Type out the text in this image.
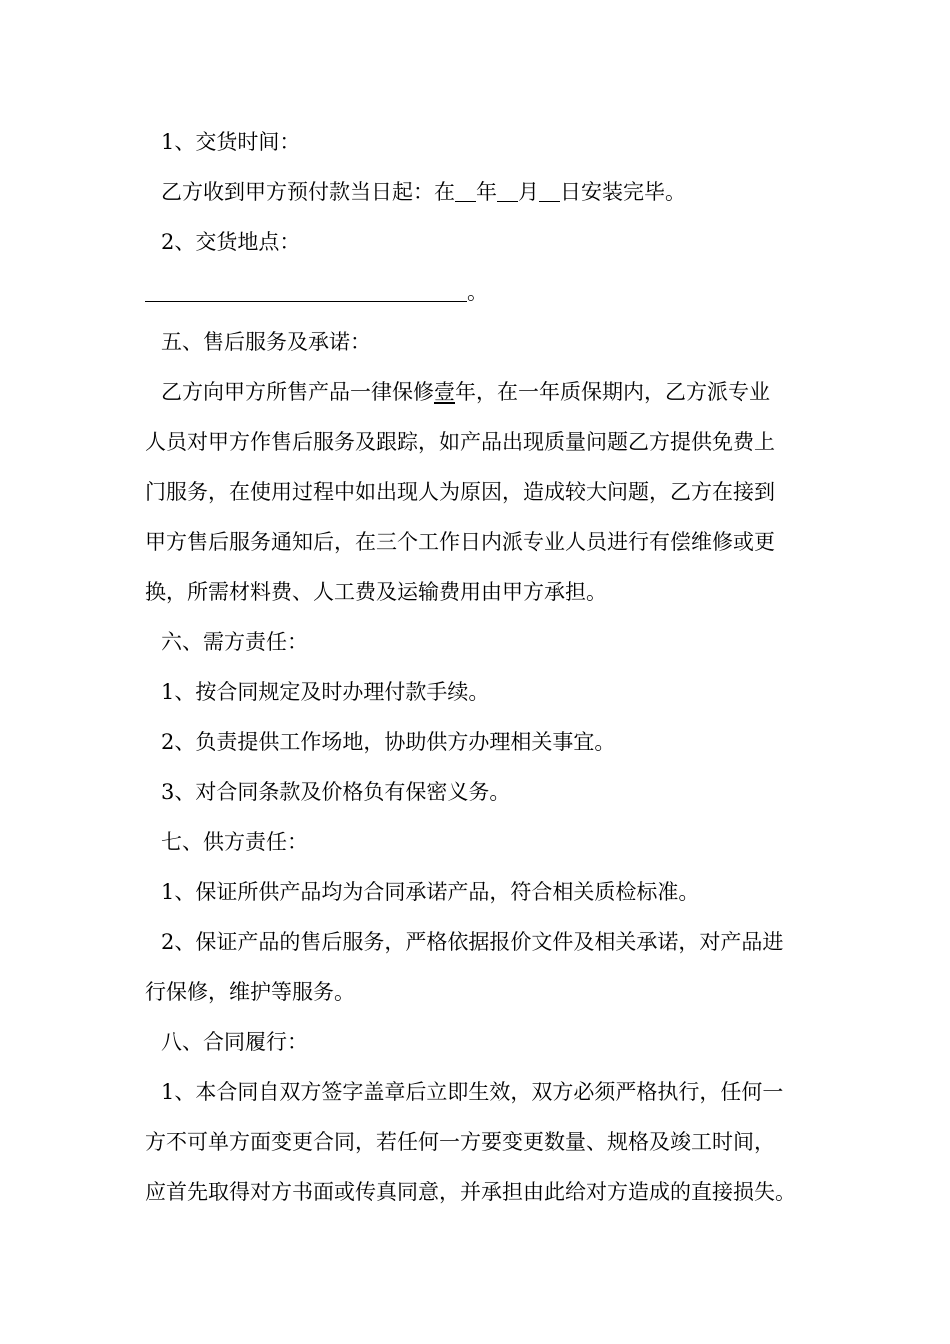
1、交货时间：
乙方收到甲方预付款当日起：在 年 月 日安装完毕。
2、交货地点：
。
五、售后服务及承诺：
乙方向甲方所售产品一律保修壹年，在一年质保期内，乙方派专业
人员对甲方作售后服务及跟踪，如产品出现质量问题乙方提供免费上
门服务，在使用过程中如出现人为原因，造成较大问题，乙方在接到
甲方售后服务通知后，在三个工作日内派专业人员进行有偿维修或更
换，所需材料费、人工费及运输费用由甲方承担。
六、需方责任：
1、按合同规定及时办理付款手续。
2、负责提供工作场地，协助供方办理相关事宜。
3、对合同条款及价格负有保密义务。
七、供方责任：
1、保证所供产品均为合同承诺产品，符合相关质检标准。
2、保证产品的售后服务，严格依据报价文件及相关承诺，对产品进
行保修，维护等服务。
八、合同履行：
1、本合同自双方签字盖章后立即生效，双方必须严格执行，任何一
方不可单方面变更合同，若任何一方要变更数量、规格及竣工时间，
应首先取得对方书面或传真同意，并承担由此给对方造成的直接损失。
